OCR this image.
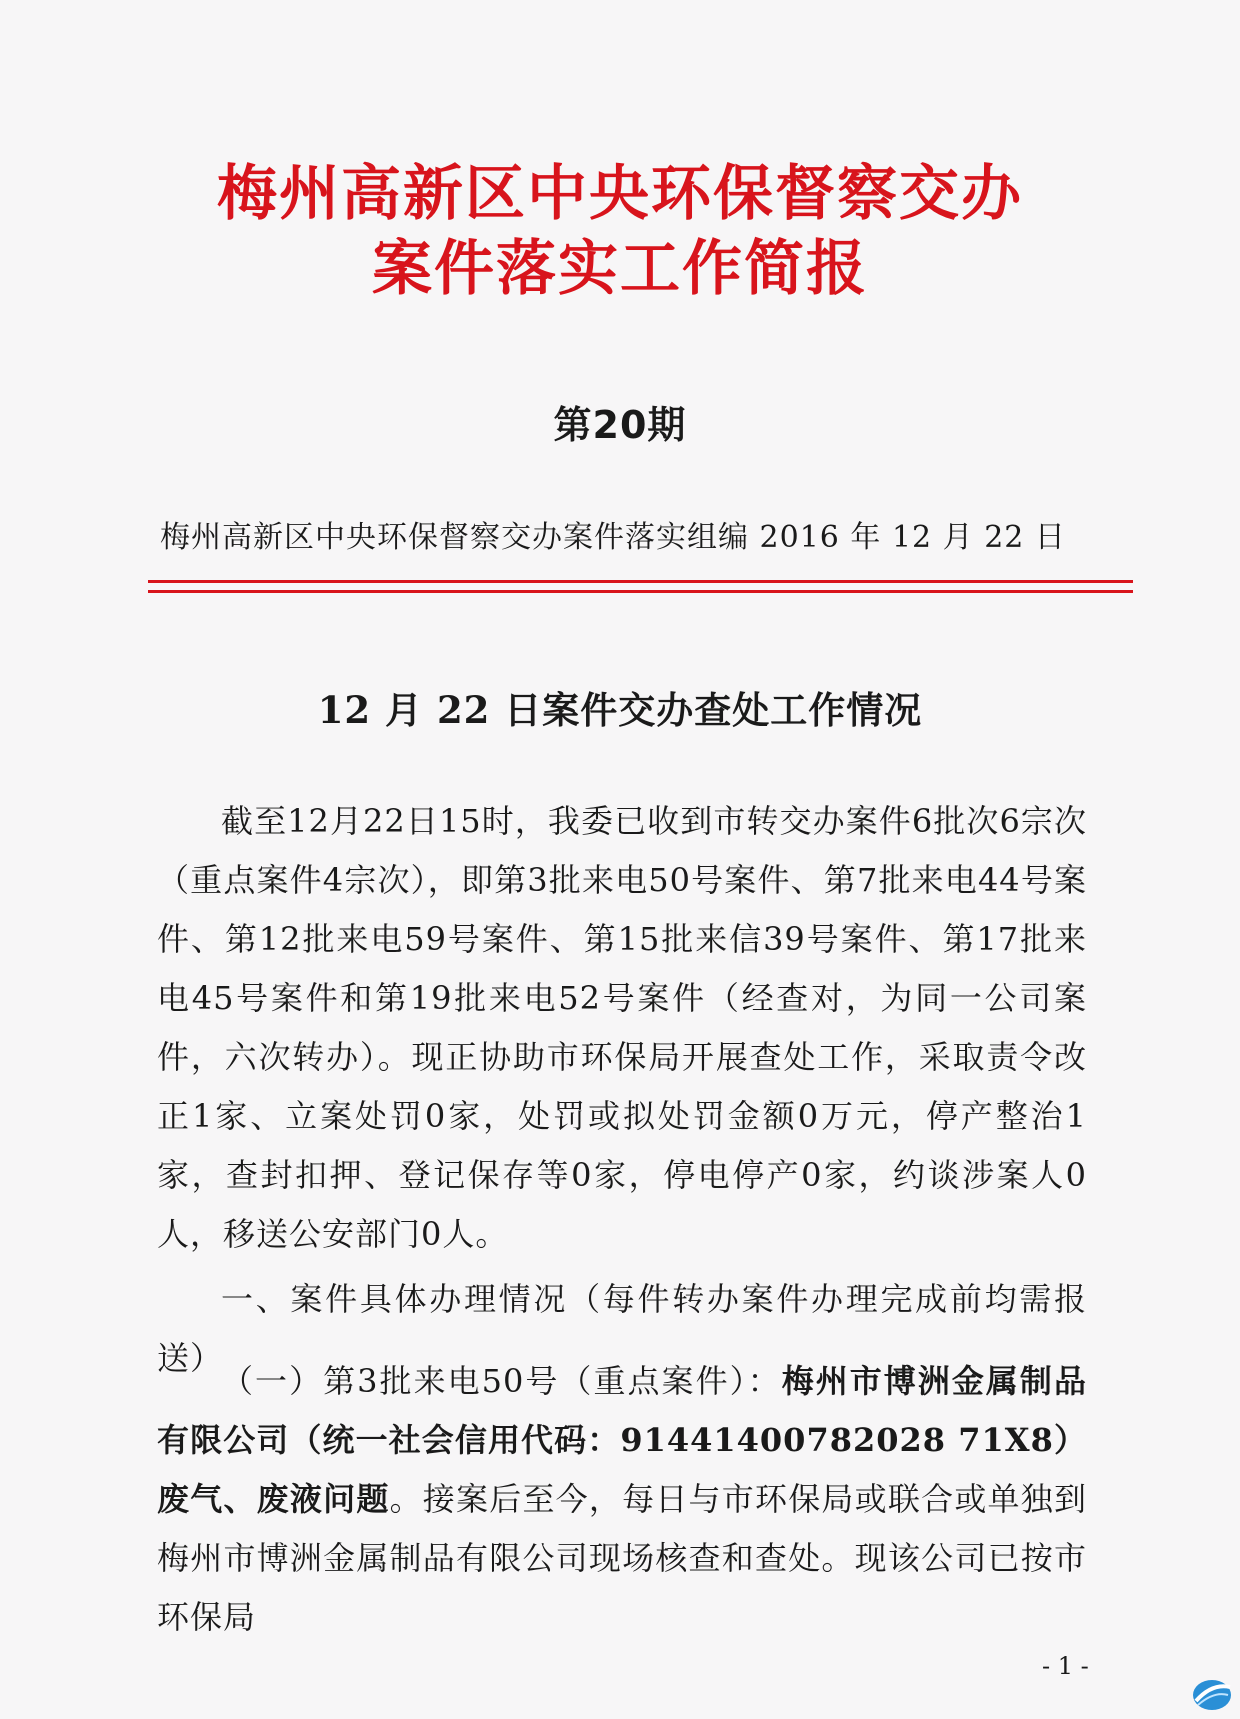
梅州高新区中央环保督察交办
案件落实工作简报
第20期
梅州高新区中央环保督察交办案件落实组编 2016 年 12 月 22 日
12 月 22 日案件交办查处工作情况

截至12月22日15时，我委已收到市转交办案件6批次6宗次（重点案件4宗次），即第3批来电50号案件、第7批来电44号案件、第12批来电59号案件、第15批来信39号案件、第17批来电45号案件和第19批来电52号案件（经查对，为同一公司案件，六次转办）。现正协助市环保局开展查处工作，采取责令改正1家、立案处罚0家，处罚或拟处罚金额0万元，停产整治1家，查封扣押、登记保存等0家，停电停产0家，约谈涉案人0人，移送公安部门0人。

一、案件具体办理情况（每件转办案件办理完成前均需报送）

（一）第3批来电50号（重点案件）：梅州市博洲金属制品有限公司（统一社会信用代码：91441400782028 71X8）废气、废液问题。接案后至今，每日与市环保局或联合或单独到梅州市博洲金属制品有限公司现场核查和查处。现该公司已按市环保局

- 1 -
